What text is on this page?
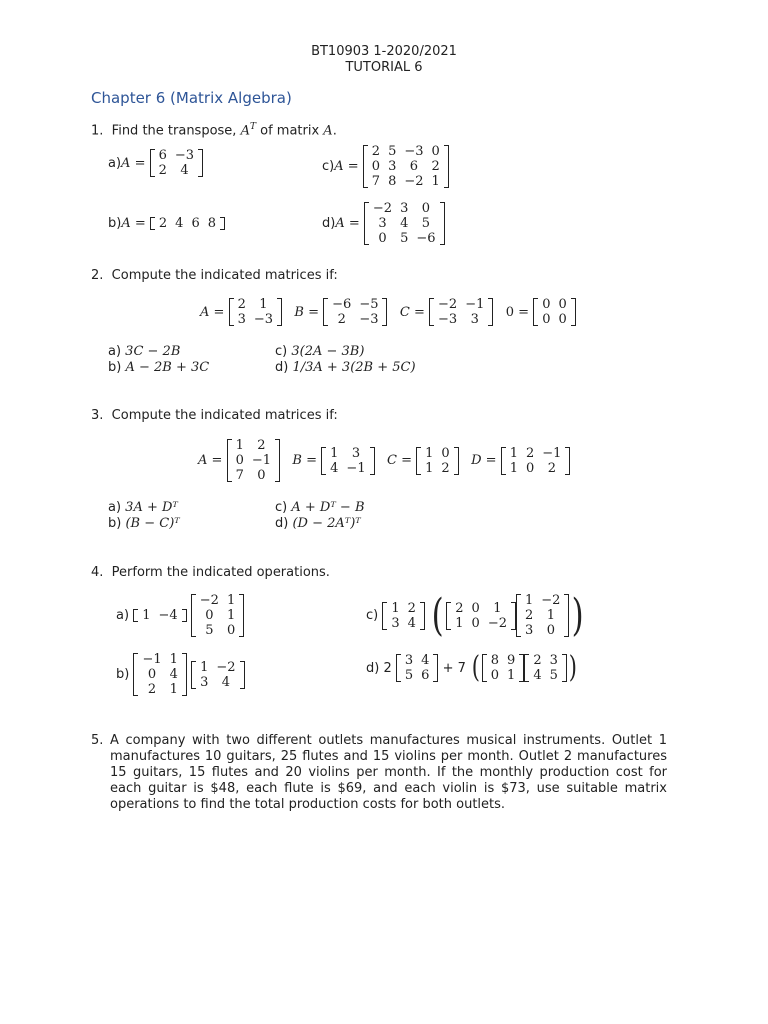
BT10903 1-2020/2021
TUTORIAL 6
Chapter 6 (Matrix Algebra)
1. Find the transpose, $A^T$ of matrix A.
a)A = 6	−3
2	4	c)A =
2	5	−3	0
0	3	6	2
7	8	−2	1
b)A = 2	4	6	8	d)A =
−2	3	0
3	4	5
0	5	−6
2. Compute the indicated matrices if:
A = 2	1
3	−3 B = −6	−5
2	−3 C = −2	−1
−3	3 0 = 0	0
0	0
a) 3C − 2B
b) A − 2B + 3C
c) 3(2A − 3B)
d) 1/3A + 3(2B + 5C)
3. Compute the indicated matrices if:
A =
1	2
0	−1
7	0
B = 1	3
4	−1 C = 1	0
1	2 D = 1	2	−1
1	0	2
a) 3A + Dᵀ
b) (B − C)ᵀ
c) A + Dᵀ − B
d) (D − 2Aᵀ)ᵀ
4. Perform the indicated operations.
a) 1	−4

−2	1
0	1
5	0
c) 1	2
3	4 ( 2	0	1
1	0	−2
1	−2
2	1
3	0 )
b)
−1	1
0	4
2	1

1	−2
3	4
d) 2 3	4
5	6 + 7 ( 8	9
0	1
2	3
4	5 )
5. A company with two different outlets manufactures musical instruments. Outlet 1 manufactures 10 guitars, 25 flutes and 15 violins per month. Outlet 2 manufactures 15 guitars, 15 flutes and 20 violins per month. If the monthly production cost for each guitar is $48, each flute is $69, and each violin is $73, use suitable matrix operations to find the total production costs for both outlets.
